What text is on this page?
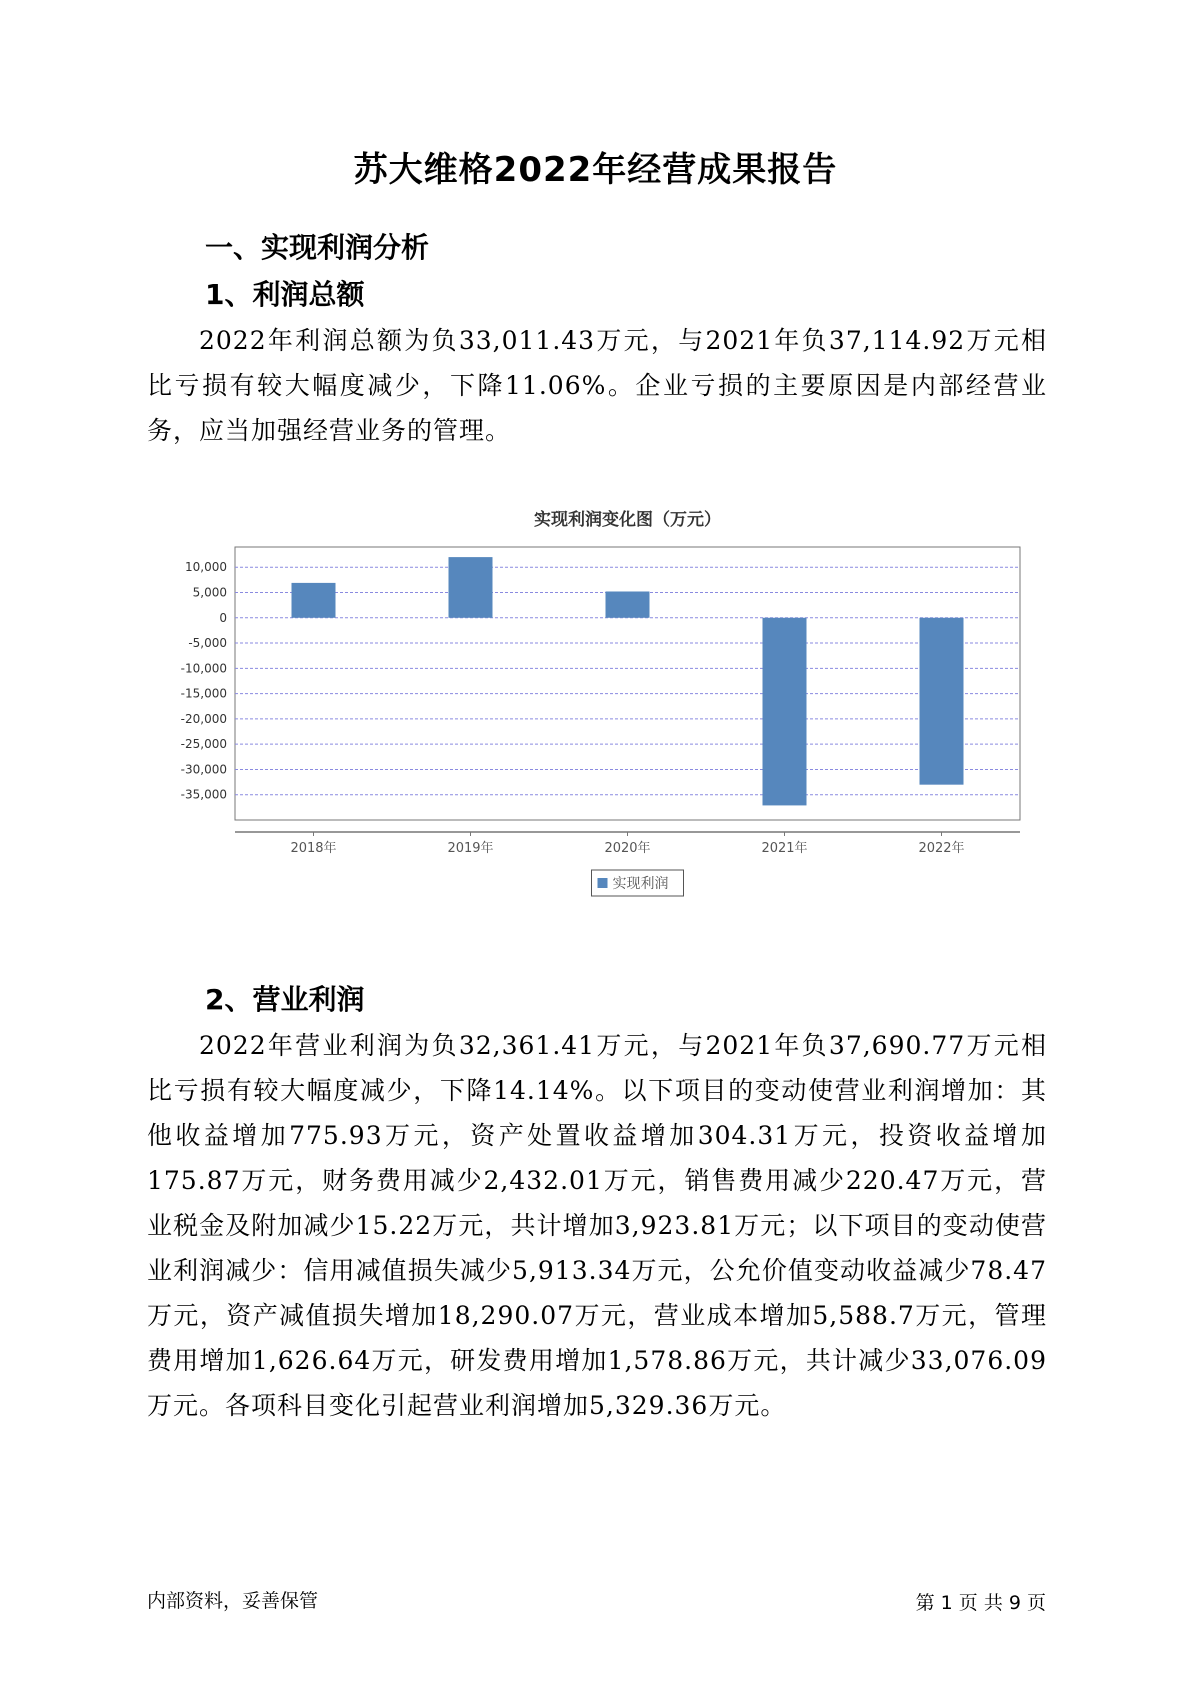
苏大维格2022年经营成果报告
一、实现利润分析
1、利润总额

2022年利润总额为负33,011.43万元，与2021年负37,114.92万元相比亏损有较大幅度减少，下降11.06%。企业亏损的主要原因是内部经营业务，应当加强经营业务的管理。

实现利润变化图（万元）
10,000
5,000
0
-5,000
-10,000
-15,000
-20,000
-25,000
-30,000
-35,000
2018年	2019年	2020年	2021年	2022年
实现利润
2、营业利润

2022年营业利润为负32,361.41万元，与2021年负37,690.77万元相比亏损有较大幅度减少，下降14.14%。以下项目的变动使营业利润增加：其他收益增加775.93万元，资产处置收益增加304.31万元，投资收益增加175.87万元，财务费用减少2,432.01万元，销售费用减少220.47万元，营业税金及附加减少15.22万元，共计增加3,923.81万元；以下项目的变动使营业利润减少：信用减值损失减少5,913.34万元，公允价值变动收益减少78.47万元，资产减值损失增加18,290.07万元，营业成本增加5,588.7万元，管理费用增加1,626.64万元，研发费用增加1,578.86万元，共计减少33,076.09万元。各项科目变化引起营业利润增加5,329.36万元。

内部资料，妥善保管	第 1 页 共 9 页
